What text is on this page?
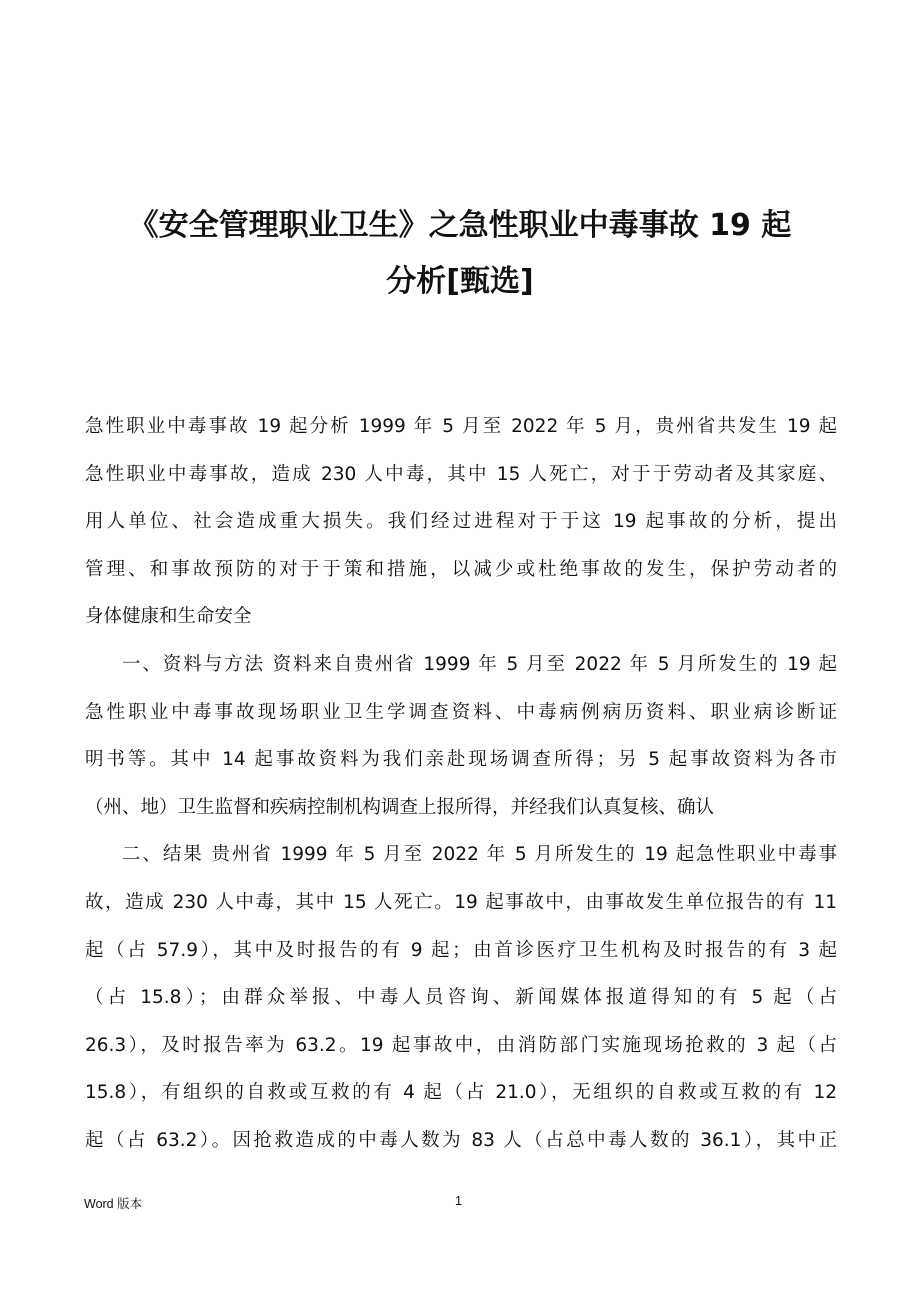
《安全管理职业卫生》之急性职业中毒事故 19 起
分析[甄选]
急性职业中毒事故 19 起分析 1999 年 5 月至 2022 年 5 月，贵州省共发生 19 起
急性职业中毒事故，造成 230 人中毒，其中 15 人死亡，对于于劳动者及其家庭、
用人单位、社会造成重大损失。我们经过进程对于于这 19 起事故的分析，提出
管理、和事故预防的对于于策和措施，以减少或杜绝事故的发生，保护劳动者的
身体健康和生命安全
一、资料与方法 资料来自贵州省 1999 年 5 月至 2022 年 5 月所发生的 19 起
急性职业中毒事故现场职业卫生学调查资料、中毒病例病历资料、职业病诊断证
明书等。其中 14 起事故资料为我们亲赴现场调查所得；另 5 起事故资料为各市
（州、地）卫生监督和疾病控制机构调查上报所得，并经我们认真复核、确认
二、结果 贵州省 1999 年 5 月至 2022 年 5 月所发生的 19 起急性职业中毒事
故，造成 230 人中毒，其中 15 人死亡。19 起事故中，由事故发生单位报告的有 11
起（占 57.9），其中及时报告的有 9 起；由首诊医疗卫生机构及时报告的有 3 起
（占 15.8）；由群众举报、中毒人员咨询、新闻媒体报道得知的有 5 起（占
26.3），及时报告率为 63.2。19 起事故中，由消防部门实施现场抢救的 3 起（占
15.8），有组织的自救或互救的有 4 起（占 21.0），无组织的自救或互救的有 12
起（占 63.2）。因抢救造成的中毒人数为 83 人（占总中毒人数的 36.1），其中正
Word 版本	1
